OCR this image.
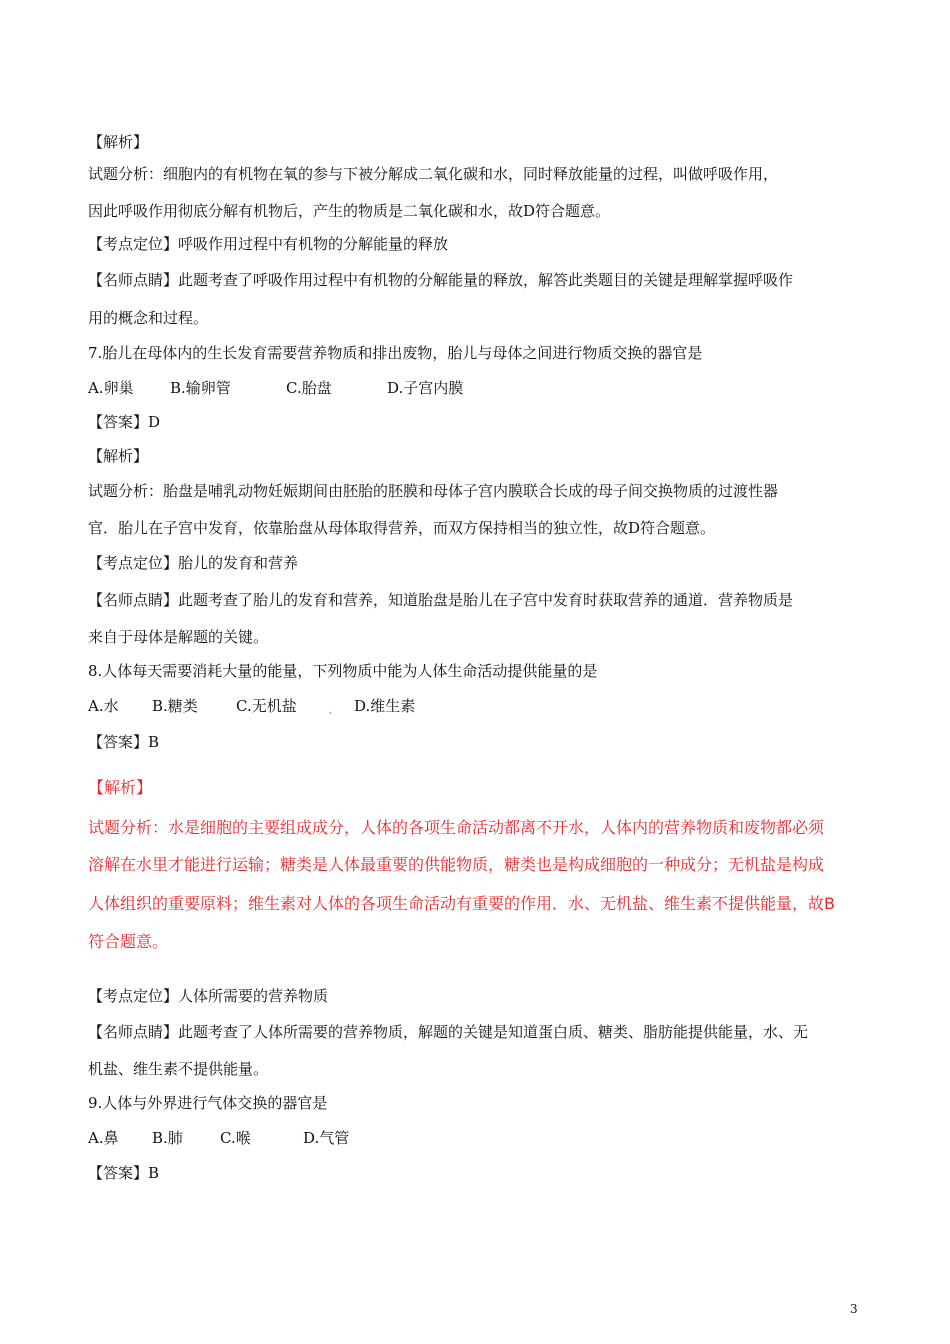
【解析】
试题分析：细胞内的有机物在氧的参与下被分解成二氧化碳和水，同时释放能量的过程，叫做呼吸作用，
因此呼吸作用彻底分解有机物后，产生的物质是二氧化碳和水，故D符合题意。
【考点定位】呼吸作用过程中有机物的分解能量的释放
【名师点睛】此题考查了呼吸作用过程中有机物的分解能量的释放，解答此类题目的关键是理解掌握呼吸作
用的概念和过程。
7.胎儿在母体内的生长发育需要营养物质和排出废物，胎儿与母体之间进行物质交换的器官是
A.卵巢 B.输卵管	C.胎盘	D.子宫内膜
【答案】D
【解析】
试题分析：胎盘是哺乳动物妊娠期间由胚胎的胚膜和母体子宫内膜联合长成的母子间交换物质的过渡性器
官．胎儿在子宫中发育，依靠胎盘从母体取得营养，而双方保持相当的独立性，故D符合题意。
【考点定位】胎儿的发育和营养
【名师点睛】此题考查了胎儿的发育和营养，知道胎盘是胎儿在子宫中发育时获取营养的通道．营养物质是
来自于母体是解题的关键。
8.人体每天需要消耗大量的能量，下列物质中能为人体生命活动提供能量的是
A.水 B.糖类	C.无机盐 . D.维生素
【答案】B
【解析】
试题分析：水是细胞的主要组成成分，人体的各项生命活动都离不开水，人体内的营养物质和废物都必须
溶解在水里才能进行运输；糖类是人体最重要的供能物质，糖类也是构成细胞的一种成分；无机盐是构成
人体组织的重要原料；维生素对人体的各项生命活动有重要的作用．水、无机盐、维生素不提供能量，故B
符合题意。
【考点定位】人体所需要的营养物质
【名师点睛】此题考查了人体所需要的营养物质，解题的关键是知道蛋白质、糖类、脂肪能提供能量，水、无
机盐、维生素不提供能量。
9.人体与外界进行气体交换的器官是
A.鼻 B.肺 C.喉	D.气管
【答案】B
3
